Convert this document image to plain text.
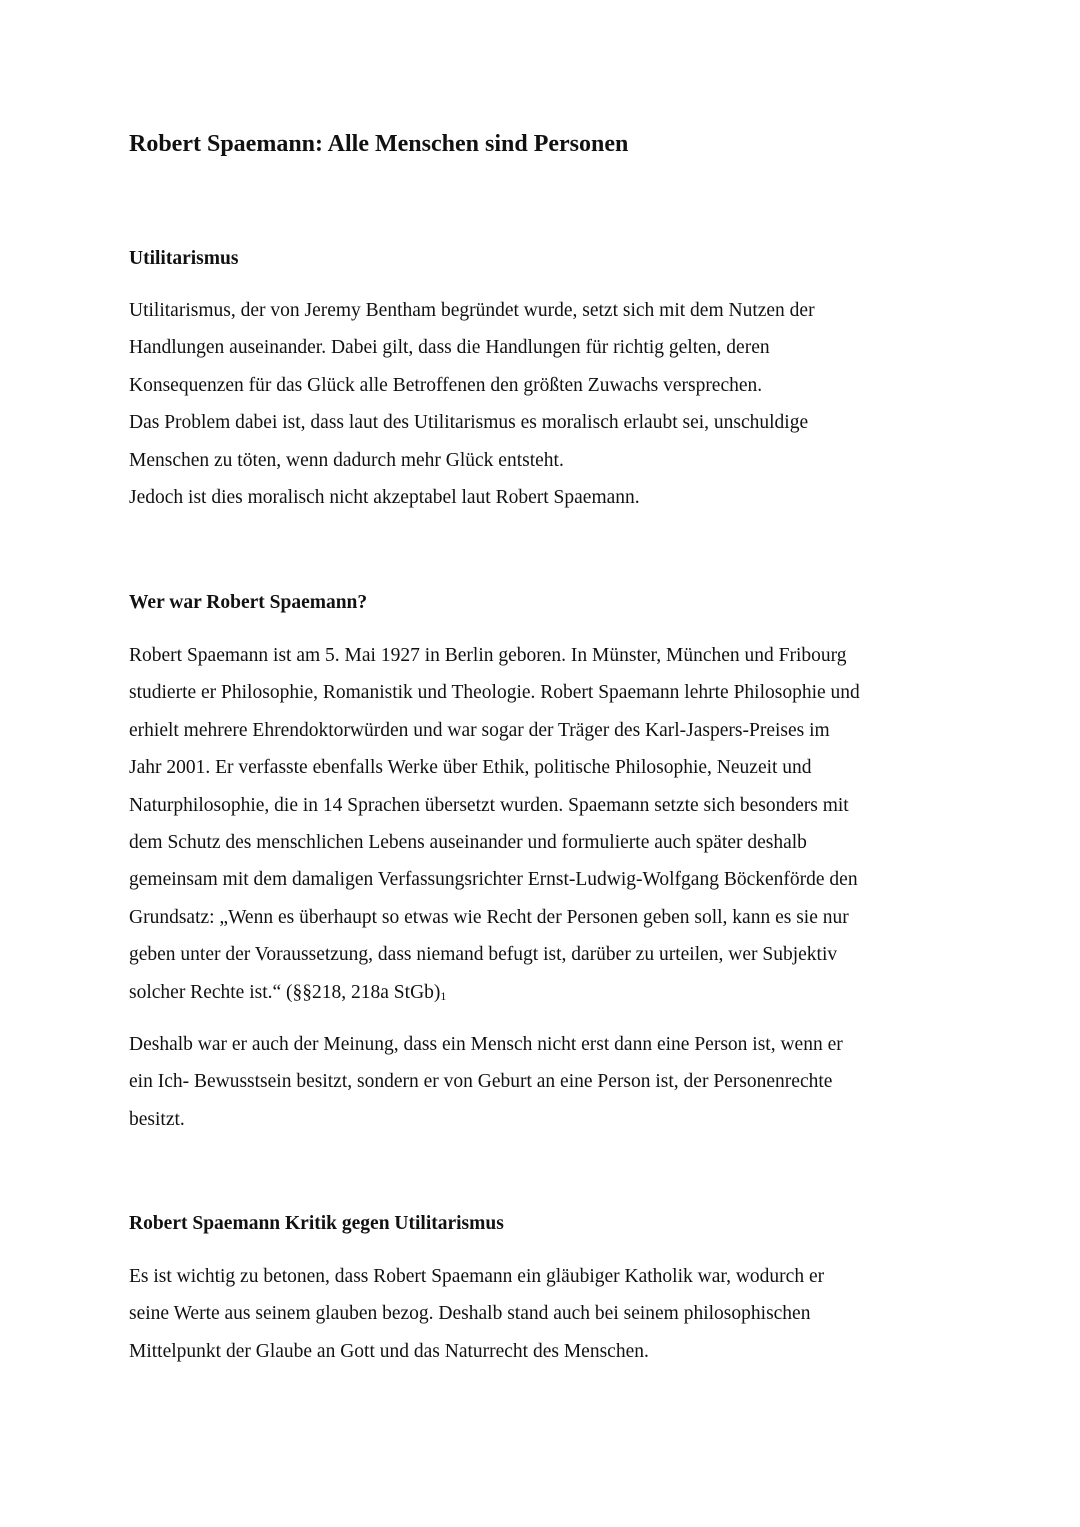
Robert Spaemann: Alle Menschen sind Personen
Utilitarismus

Utilitarismus, der von Jeremy Bentham begründet wurde, setzt sich mit dem Nutzen der
Handlungen auseinander. Dabei gilt, dass die Handlungen für richtig gelten, deren
Konsequenzen für das Glück alle Betroffenen den größten Zuwachs versprechen.
Das Problem dabei ist, dass laut des Utilitarismus es moralisch erlaubt sei, unschuldige
Menschen zu töten, wenn dadurch mehr Glück entsteht.
Jedoch ist dies moralisch nicht akzeptabel laut Robert Spaemann.

Wer war Robert Spaemann?

Robert Spaemann ist am 5. Mai 1927 in Berlin geboren. In Münster, München und Fribourg
studierte er Philosophie, Romanistik und Theologie. Robert Spaemann lehrte Philosophie und
erhielt mehrere Ehrendoktorwürden und war sogar der Träger des Karl-Jaspers-Preises im
Jahr 2001. Er verfasste ebenfalls Werke über Ethik, politische Philosophie, Neuzeit und
Naturphilosophie, die in 14 Sprachen übersetzt wurden. Spaemann setzte sich besonders mit
dem Schutz des menschlichen Lebens auseinander und formulierte auch später deshalb
gemeinsam mit dem damaligen Verfassungsrichter Ernst-Ludwig-Wolfgang Böckenförde den
Grundsatz: „Wenn es überhaupt so etwas wie Recht der Personen geben soll, kann es sie nur
geben unter der Voraussetzung, dass niemand befugt ist, darüber zu urteilen, wer Subjektiv
solcher Rechte ist.“ (§§218, 218a StGb)1

Deshalb war er auch der Meinung, dass ein Mensch nicht erst dann eine Person ist, wenn er
ein Ich- Bewusstsein besitzt, sondern er von Geburt an eine Person ist, der Personenrechte
besitzt.

Robert Spaemann Kritik gegen Utilitarismus

Es ist wichtig zu betonen, dass Robert Spaemann ein gläubiger Katholik war, wodurch er
seine Werte aus seinem glauben bezog. Deshalb stand auch bei seinem philosophischen
Mittelpunkt der Glaube an Gott und das Naturrecht des Menschen.
